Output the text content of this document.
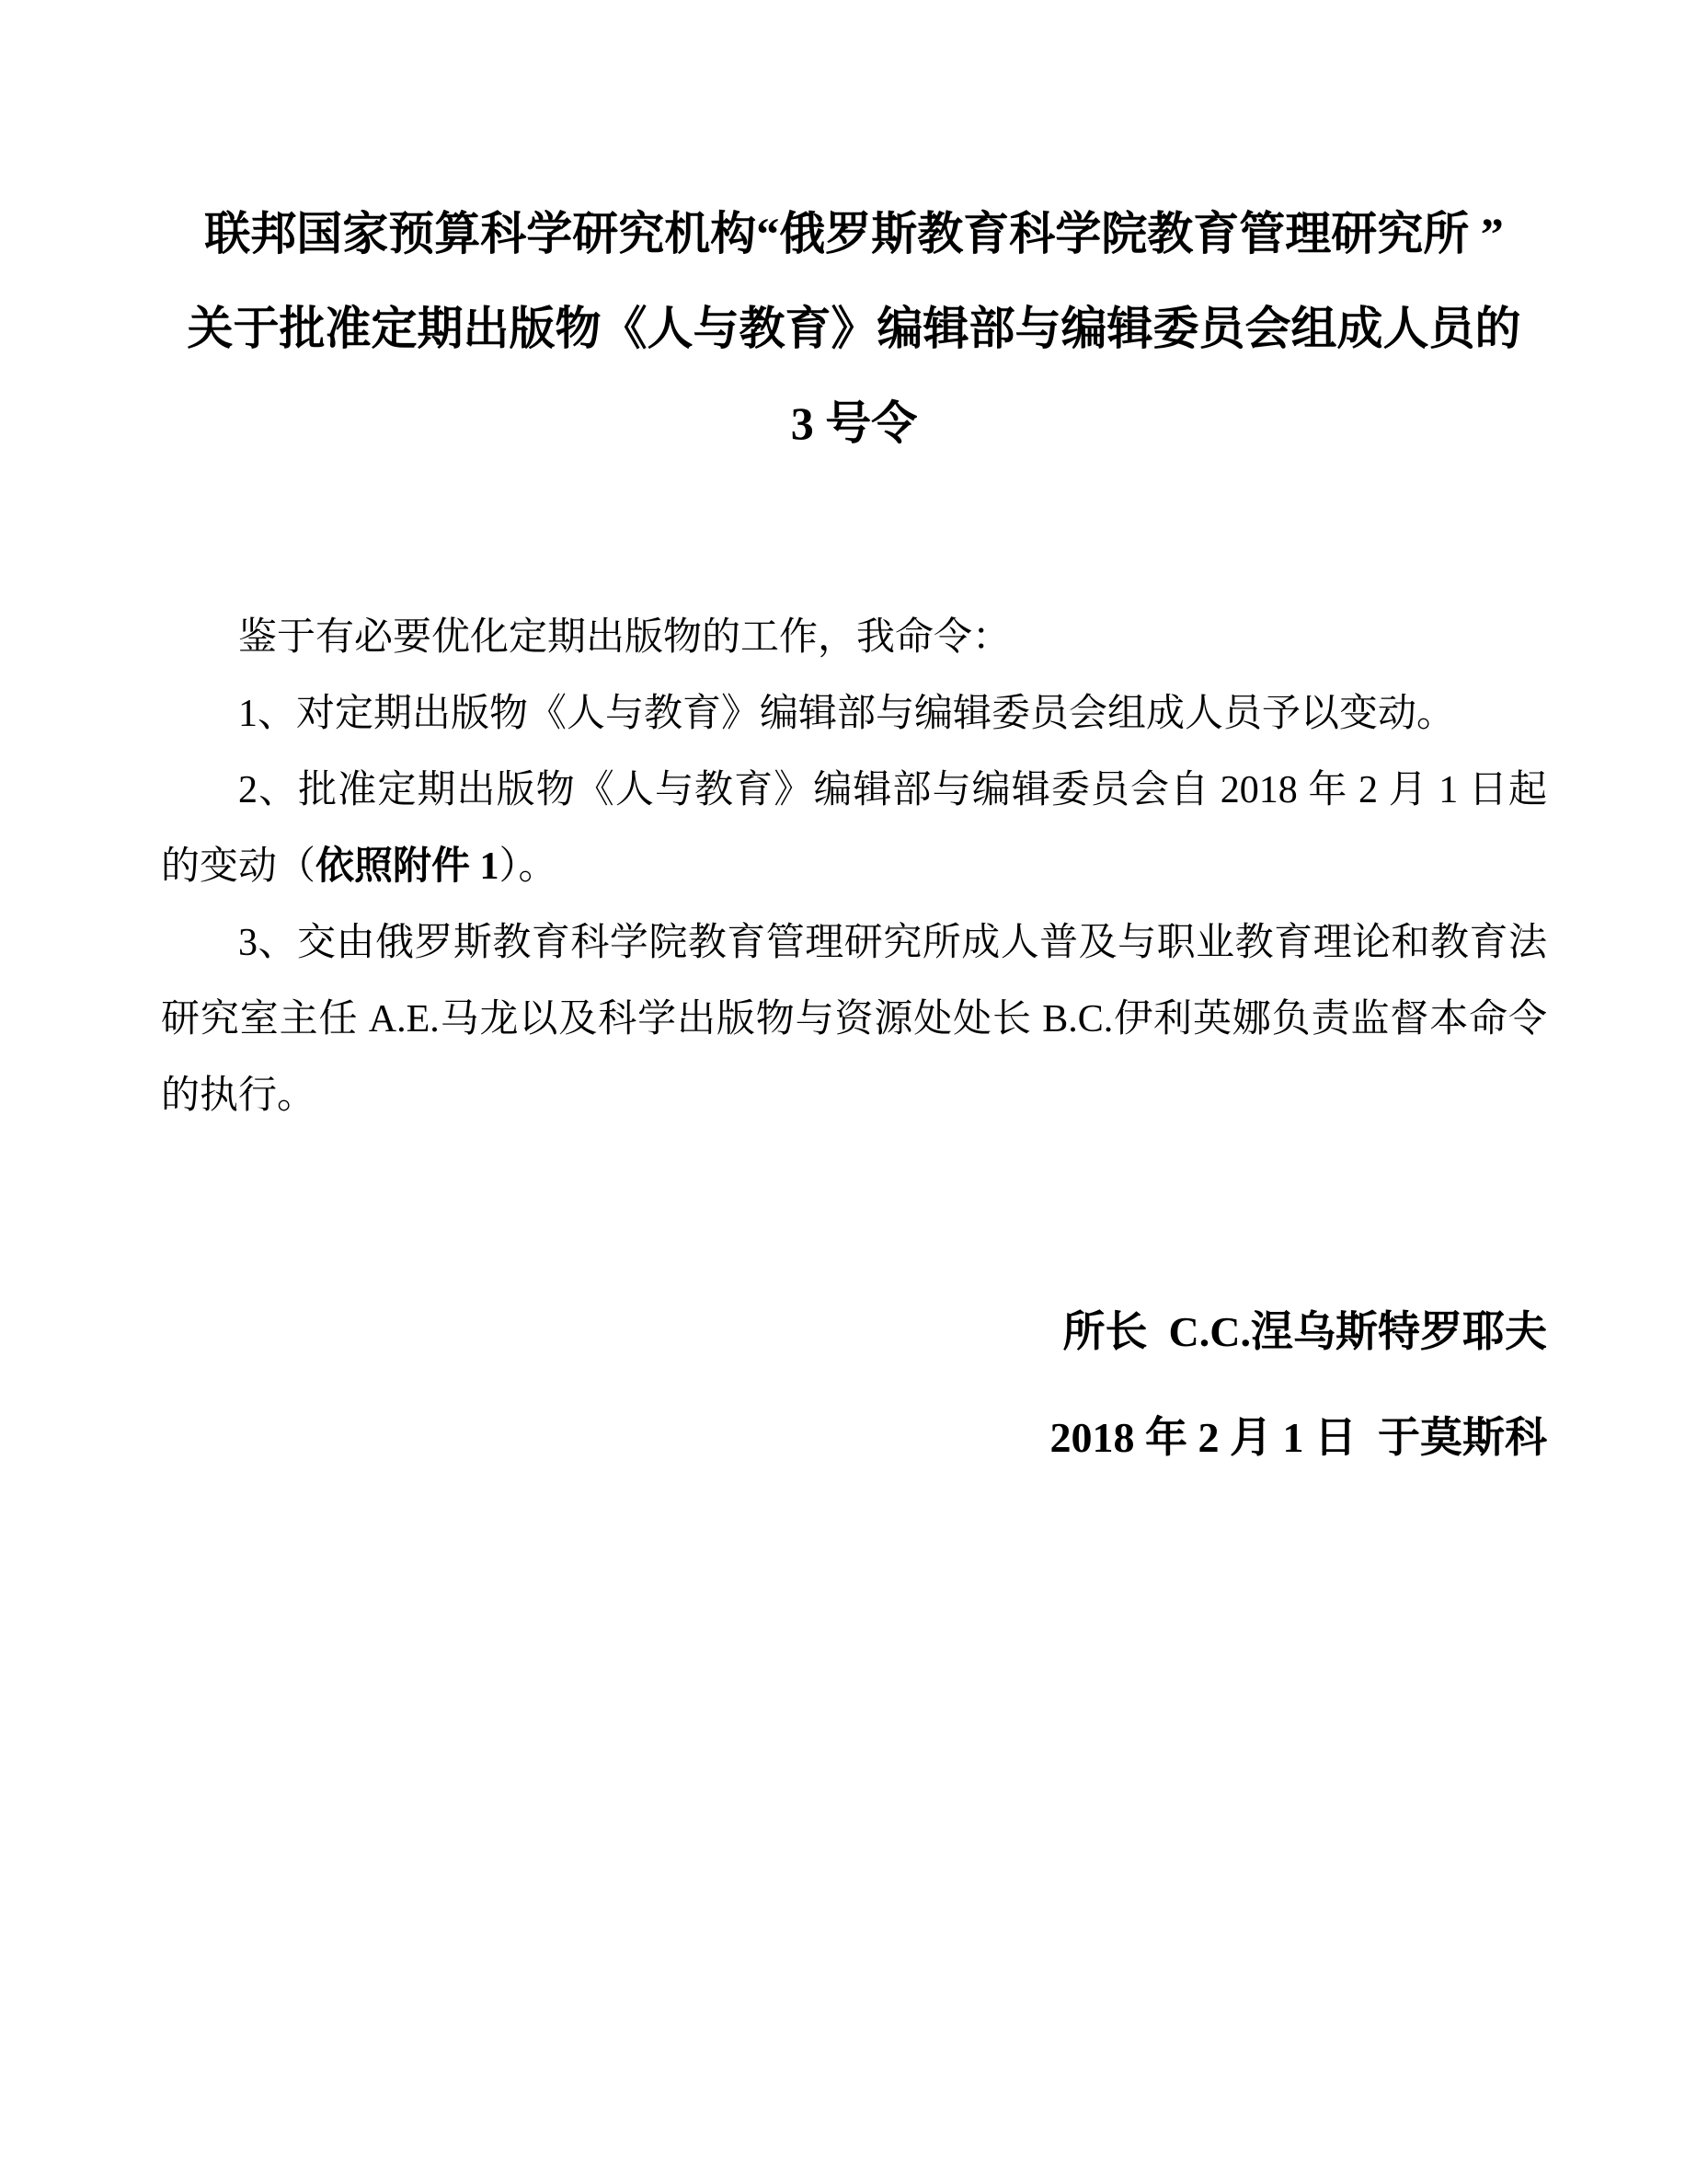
联邦国家预算科学研究机构“俄罗斯教育科学院教育管理研究所 ”
关于批准定期出版物《人与教育》编辑部与编辑委员会组成人员的
3 号令

鉴于有必要优化定期出版物的工作，我命令：

1、对定期出版物《人与教育》编辑部与编辑委员会组成人员予以变动。

2、批准定期出版物《人与教育》编辑部与编辑委员会自 2018 年 2 月 1 日起的变动（依照附件 1）。

3、交由俄罗斯教育科学院教育管理研究所成人普及与职业教育理论和教育法研究室主任 A.E.马龙以及科学出版物与资源处处长 B.C.伊利英娜负责监督本命令的执行。

所长  C.C.涅乌斯特罗耶夫
2018 年 2 月 1 日  于莫斯科
